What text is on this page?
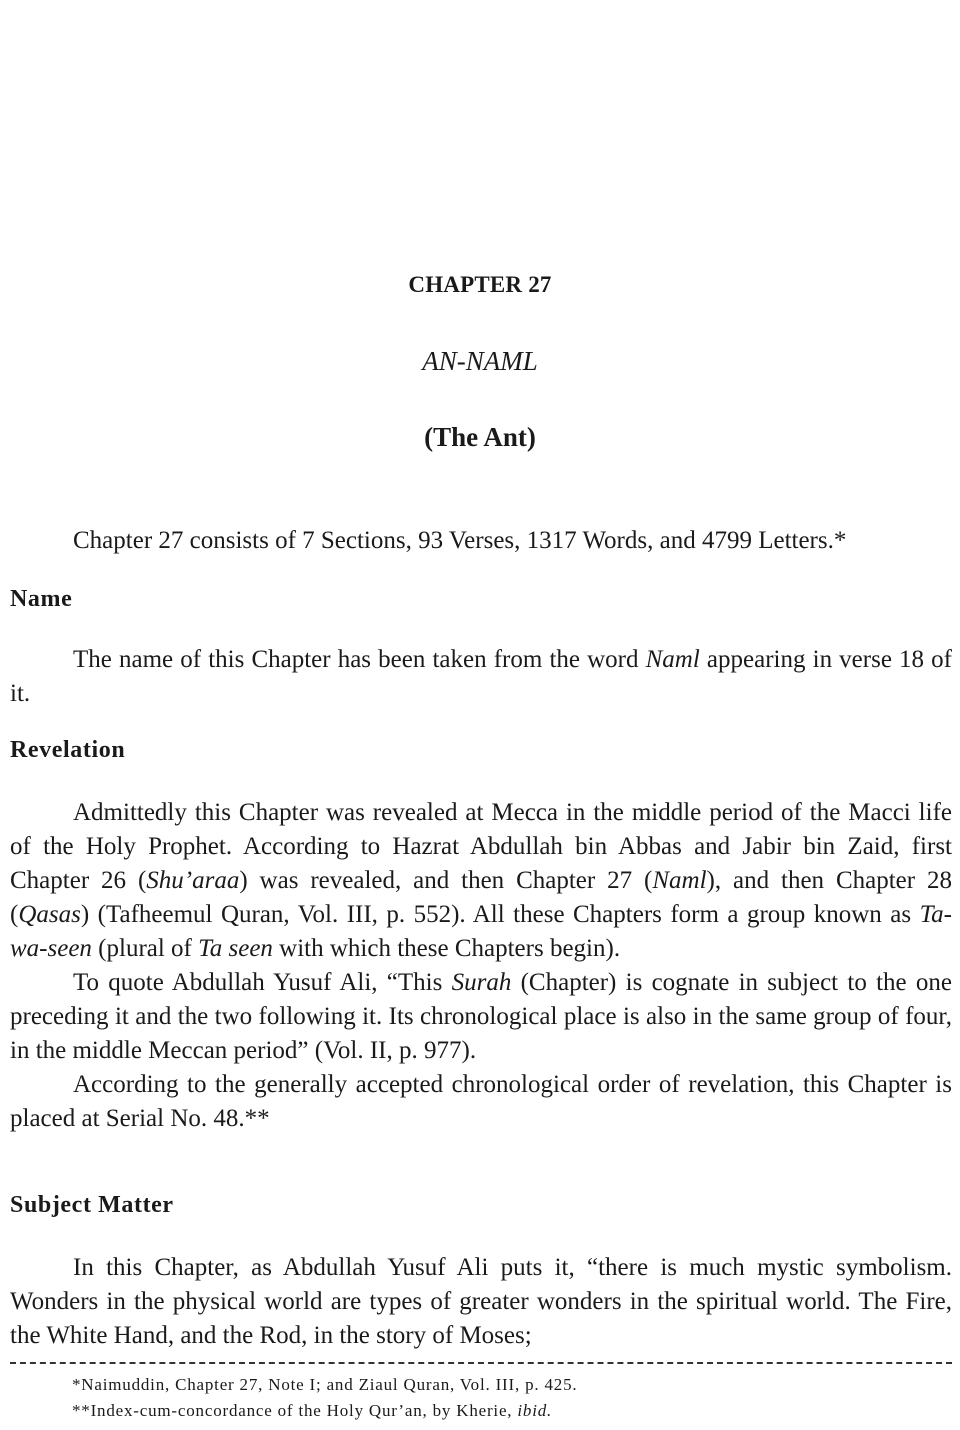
CHAPTER 27
AN-NAML
(The Ant)

Chapter 27 consists of 7 Sections, 93 Verses, 1317 Words, and 4799 Letters.*

Name

The name of this Chapter has been taken from the word Naml appearing in verse 18 of it.

Revelation

Admittedly this Chapter was revealed at Mecca in the middle period of the Macci life of the Holy Prophet. According to Hazrat Abdullah bin Abbas and Jabir bin Zaid, first Chapter 26 (Shu’araa) was revealed, and then Chapter 27 (Naml), and then Chapter 28 (Qasas) (Tafheemul Quran, Vol. III, p. 552). All these Chapters form a group known as Ta-wa-seen (plural of Ta seen with which these Chapters begin).

To quote Abdullah Yusuf Ali, “This Surah (Chapter) is cognate in subject to the one preceding it and the two following it. Its chronological place is also in the same group of four, in the middle Meccan period” (Vol. II, p. 977).

According to the generally accepted chronological order of revelation, this Chapter is placed at Serial No. 48.**

Subject Matter

In this Chapter, as Abdullah Yusuf Ali puts it, “there is much mystic symbolism. Wonders in the physical world are types of greater wonders in the spiritual world. The Fire, the White Hand, and the Rod, in the story of Moses;

*Naimuddin, Chapter 27, Note I; and Ziaul Quran, Vol. III, p. 425.
**Index-cum-concordance of the Holy Qur’an, by Kherie, ibid.
